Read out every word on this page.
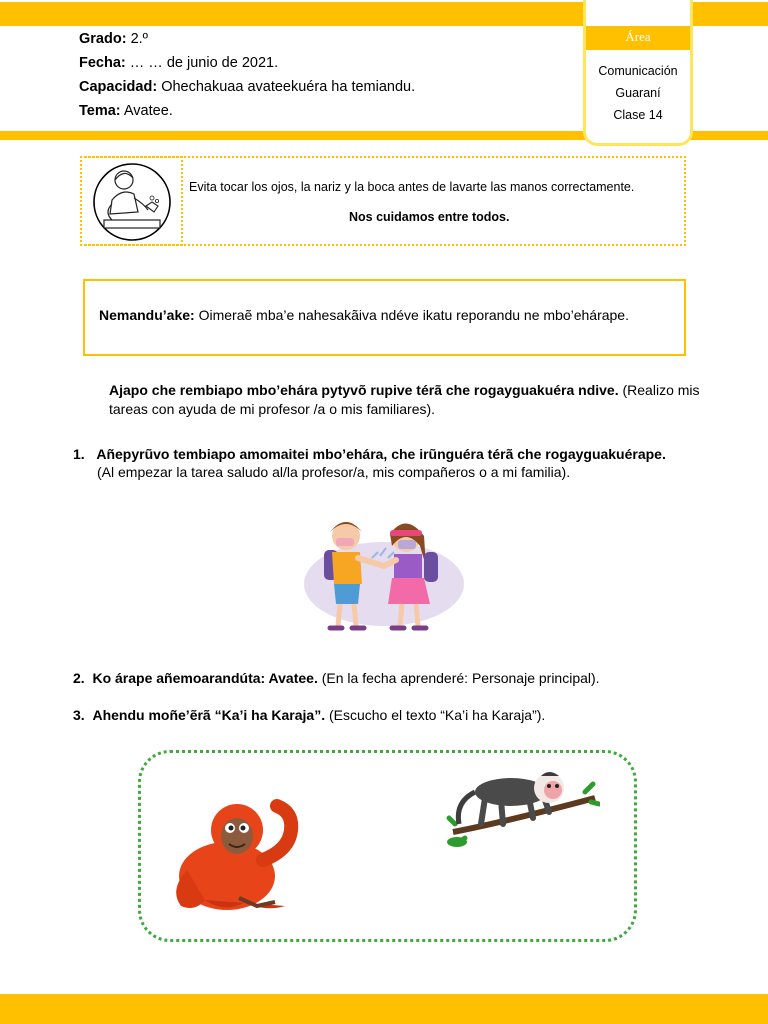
Grado: 2.º
Fecha: … … de junio de 2021.
Capacidad: Ohechakuaa avateekuéra ha temiandu.
Tema: Avatee.
Área
Comunicación
Guaraní
Clase 14
Evita tocar los ojos, la nariz y la boca antes de lavarte las manos correctamente.
Nos cuidamos entre todos.
Nemandu’ake: Oimeraẽ mba’e nahesakãiva ndéve ikatu reporandu ne mbo’ehárape.
Ajapo che rembiapo mbo’ehára pytyvõ rupive térã che rogayguakuéra ndive. (Realizo mis tareas con ayuda de mi profesor /a o mis familiares).
1. Añepyrũvo tembiapo amomaitei mbo’ehára, che irũnguéra térã che rogayguakuérape.
(Al empezar la tarea saludo al/la profesor/a, mis compañeros o a mi familia).
2. Ko árape añemoarandúta: Avatee. (En la fecha aprenderé: Personaje principal).
3. Ahendu moñe’ẽrã “Ka’i ha Karaja”. (Escucho el texto “Ka’i ha Karaja”).
